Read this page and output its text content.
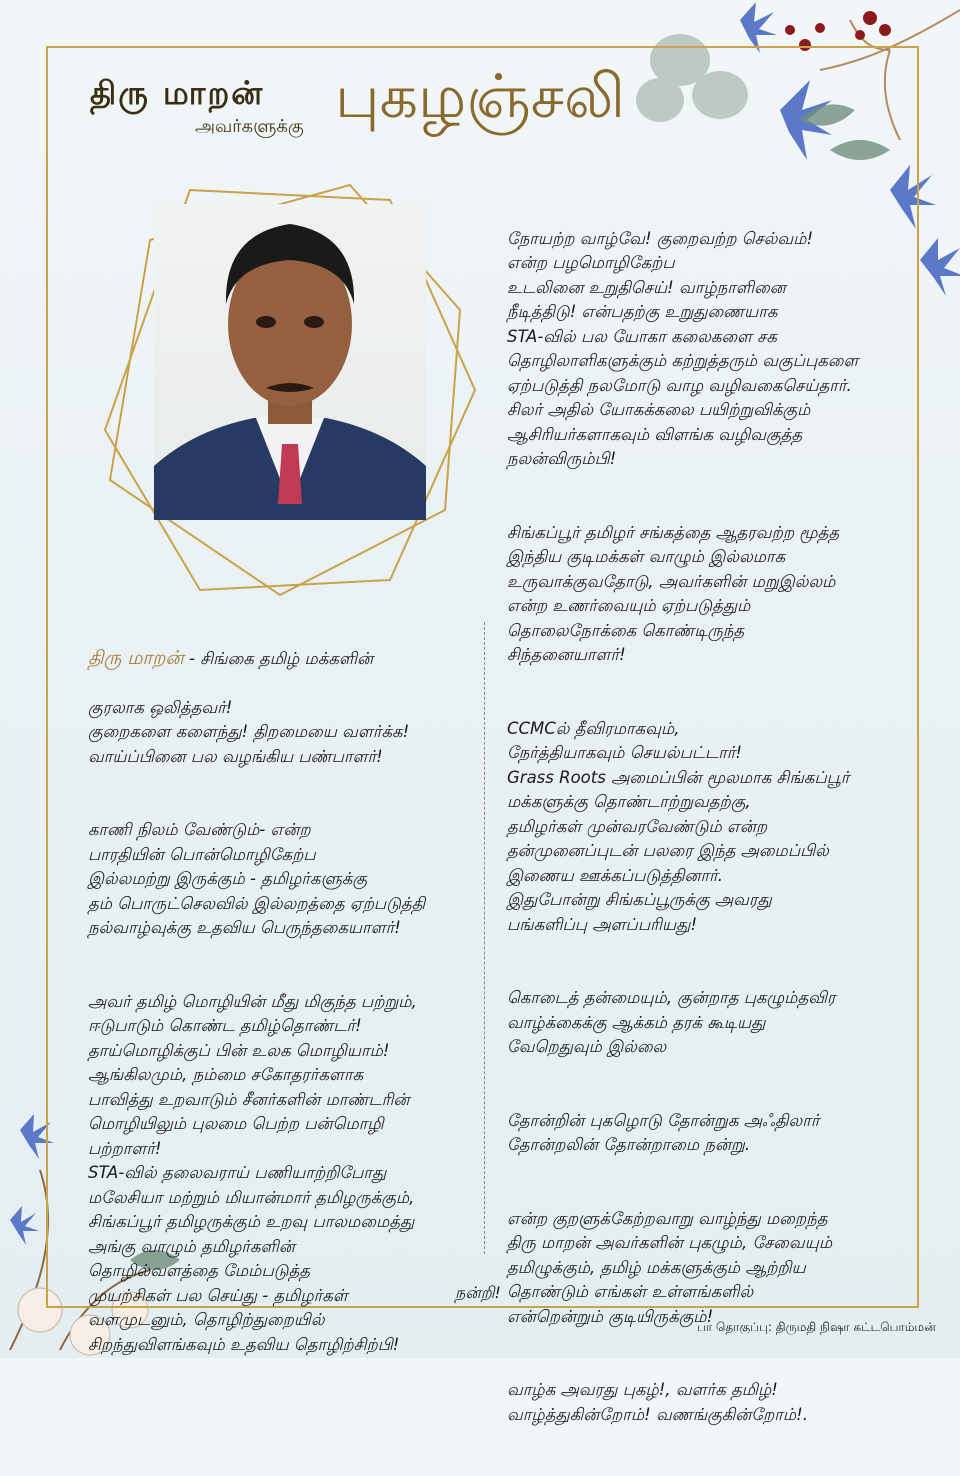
திரு மாறன்
அவர்களுக்கு புகழஞ்சலி

திரு மாறன் - சிங்கை தமிழ் மக்களின்

குரலாக ஒலித்தவர்!
குறைகளை களைந்து! திறமையை வளர்க்க!
வாய்ப்பினை பல வழங்கிய பண்பாளர்!

காணி நிலம் வேண்டும்- என்ற
பாரதியின் பொன்மொழிகேற்ப
இல்லமற்று இருக்கும் - தமிழர்களுக்கு
தம் பொருட்செலவில் இல்லறத்தை ஏற்படுத்தி
நல்வாழ்வுக்கு உதவிய பெருந்தகையாளர்!

அவர் தமிழ் மொழியின் மீது மிகுந்த பற்றும்,
ஈடுபாடும் கொண்ட தமிழ்தொண்டர்!
தாய்மொழிக்குப் பின் உலக மொழியாம்!
ஆங்கிலமும், நம்மை சகோதரர்களாக
பாவித்து உறவாடும் சீனர்களின் மாண்டரின்
மொழியிலும் புலமை பெற்ற பன்மொழி
பற்றாளர்!
STA-வில் தலைவராய் பணியாற்றிபோது
மலேசியா மற்றும் மியான்மார் தமிழருக்கும்,
சிங்கப்பூர் தமிழருக்கும் உறவு பாலமமைத்து
அங்கு வாழும் தமிழர்களின்
தொழில்வளத்தை மேம்படுத்த
முயற்சிகள் பல செய்து - தமிழர்கள்
வளமுடனும், தொழிற்துறையில்
சிறந்துவிளங்கவும் உதவிய தொழிற்சிற்பி!

நோயற்ற வாழ்வே! குறைவற்ற செல்வம்!
என்ற பழமொழிகேற்ப
உடலினை உறுதிசெய்! வாழ்நாளினை
நீடித்திடு! என்பதற்கு உறுதுணையாக
STA-வில் பல யோகா கலைகளை சக
தொழிலாளிகளுக்கும் கற்றுத்தரும் வகுப்புகளை
ஏற்படுத்தி நலமோடு வாழ வழிவகைசெய்தார்.
சிலர் அதில் யோகக்கலை பயிற்றுவிக்கும்
ஆசிரியர்களாகவும் விளங்க வழிவகுத்த
நலன்விரும்பி!

சிங்கப்பூர் தமிழர் சங்கத்தை ஆதரவற்ற மூத்த
இந்திய குடிமக்கள் வாழும் இல்லமாக
உருவாக்குவதோடு, அவர்களின் மறுஇல்லம்
என்ற உணர்வையும் ஏற்படுத்தும்
தொலைநோக்கை கொண்டிருந்த
சிந்தனையாளர்!

CCMCல் தீவிரமாகவும்,
நேர்த்தியாகவும் செயல்பட்டார்!
Grass Roots அமைப்பின் மூலமாக சிங்கப்பூர்
மக்களுக்கு தொண்டாற்றுவதற்கு,
தமிழர்கள் முன்வரவேண்டும் என்ற
தன்முனைப்புடன் பலரை இந்த அமைப்பில்
இணைய ஊக்கப்படுத்தினார்.
இதுபோன்று சிங்கப்பூருக்கு அவரது
பங்களிப்பு அளப்பரியது!

கொடைத் தன்மையும், குன்றாத புகழும்தவிர
வாழ்க்கைக்கு ஆக்கம் தரக் கூடியது
வேறெதுவும் இல்லை

தோன்றின் புகழொடு தோன்றுக அஃதிலார்
தோன்றலின் தோன்றாமை நன்று.

என்ற குறளுக்கேற்றவாறு வாழ்ந்து மறைந்த
திரு மாறன் அவர்களின் புகழும், சேவையும்
தமிழுக்கும், தமிழ் மக்களுக்கும் ஆற்றிய
தொண்டும் எங்கள் உள்ளங்களில்
என்றென்றும் குடியிருக்கும்!

வாழ்க அவரது புகழ்!, வளர்க தமிழ்!
வாழ்த்துகின்றோம்! வணங்குகின்றோம்!.

நன்றி!
பா தொகுப்பு: திருமதி நிஷா கட்டபொம்மன்
